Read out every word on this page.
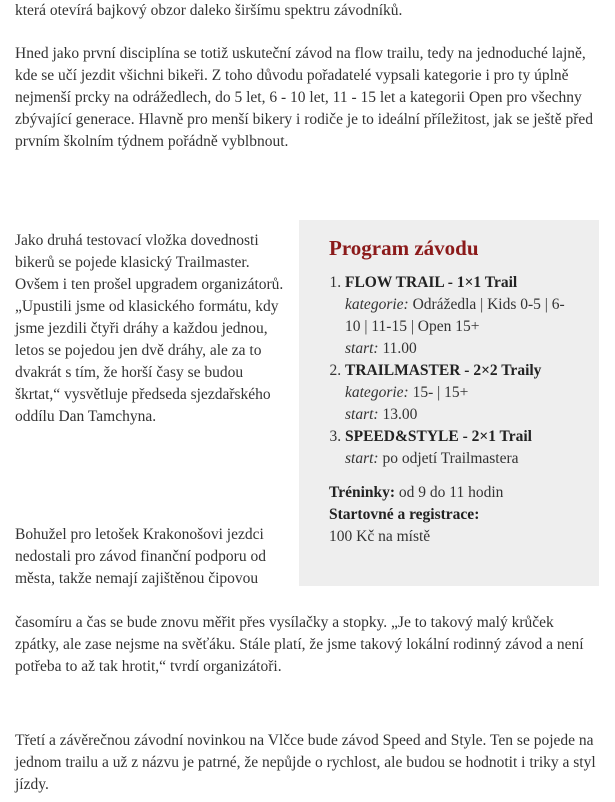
která otevírá bajkový obzor daleko širšímu spektru závodníků.

Hned jako první disciplína se totiž uskuteční závod na flow trailu, tedy na jednoduché lajně, kde se učí jezdit všichni bikeři. Z toho důvodu pořadatelé vypsali kategorie i pro ty úplně nejmenší prcky na odrážedlech, do 5 let, 6 - 10 let, 11 - 15 let a kategorii Open pro všechny zbývající generace. Hlavně pro menší bikery i rodiče je to ideální příležitost, jak se ještě před prvním školním týdnem pořádně vyblbnout.

Jako druhá testovací vložka dovednosti bikerů se pojede klasický Trailmaster. Ovšem i ten prošel upgradem organizátorů. „Upustili jsme od klasického formátu, kdy jsme jezdili čtyři dráhy a každou jednou, letos se pojedou jen dvě dráhy, ale za to dvakrát s tím, že horší časy se budou škrtat,“ vysvětluje předseda sjezdařského oddílu Dan Tamchyna.

Program závodu
1. FLOW TRAIL - 1×1 Trail
kategorie: Odrážedla | Kids 0-5 | 6-10 | 11-15 | Open 15+
start: 11.00
2. TRAILMASTER - 2×2 Traily
kategorie: 15- | 15+
start: 13.00
3. SPEED&STYLE - 2×1 Trail
start: po odjetí Trailmastera
Tréninky: od 9 do 11 hodin
Startovné a registrace:
100 Kč na místě

Bohužel pro letošek Krakonošovi jezdci nedostali pro závod finanční podporu od města, takže nemají zajištěnou čipovou

časomíru a čas se bude znovu měřit přes vysílačky a stopky. „Je to takový malý krůček zpátky, ale zase nejsme na svěťáku. Stále platí, že jsme takový lokální rodinný závod a není potřeba to až tak hrotit,“ tvrdí organizátoři.

Třetí a závěrečnou závodní novinkou na Vlčce bude závod Speed and Style. Ten se pojede na jednom trailu a už z názvu je patrné, že nepůjde o rychlost, ale budou se hodnotit i triky a styl jízdy.
